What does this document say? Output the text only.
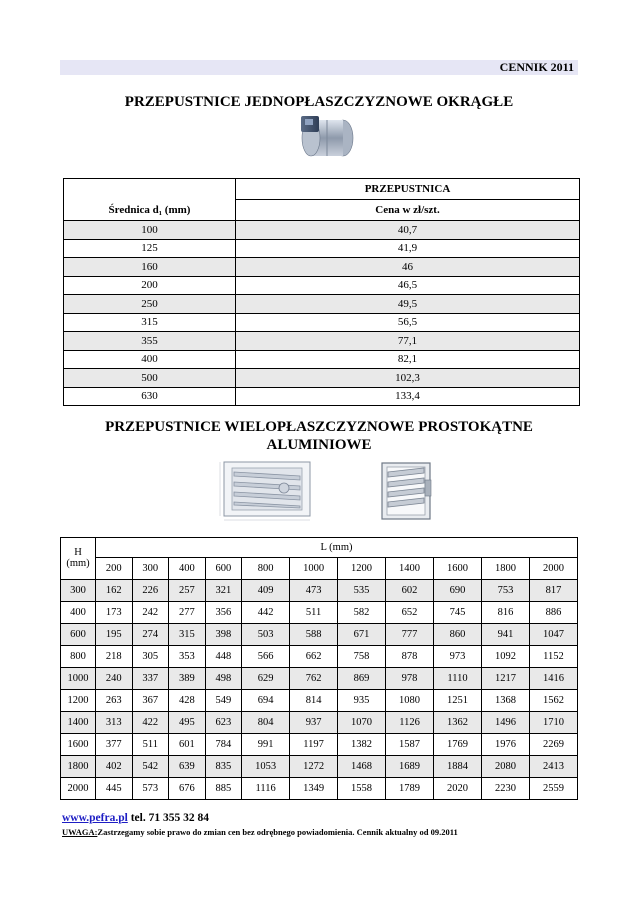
CENNIK 2011
PRZEPUSTNICE JEDNOPŁASZCZYZNOWE OKRĄGŁE
	PRZEPUSTNICA
Średnica d₁ (mm)	Cena w zł/szt.
100	40,7
125	41,9
160	46
200	46,5
250	49,5
315	56,5
355	77,1
400	82,1
500	102,3
630	133,4
PRZEPUSTNICE WIELOPŁASZCZYZNOWE PROSTOKĄTNE
ALUMINIOWE
H	L (mm)										
(mm)	200	300	400	600	800	1000	1200	1400	1600	1800	2000
300	162	226	257	321	409	473	535	602	690	753	817
400	173	242	277	356	442	511	582	652	745	816	886
600	195	274	315	398	503	588	671	777	860	941	1047
800	218	305	353	448	566	662	758	878	973	1092	1152
1000	240	337	389	498	629	762	869	978	1110	1217	1416
1200	263	367	428	549	694	814	935	1080	1251	1368	1562
1400	313	422	495	623	804	937	1070	1126	1362	1496	1710
1600	377	511	601	784	991	1197	1382	1587	1769	1976	2269
1800	402	542	639	835	1053	1272	1468	1689	1884	2080	2413
2000	445	573	676	885	1116	1349	1558	1789	2020	2230	2559
www.pefra.pl tel. 71 355 32 84
UWAGA:Zastrzegamy sobie prawo do zmian cen bez odrębnego powiadomienia. Cennik aktualny od 09.2011
